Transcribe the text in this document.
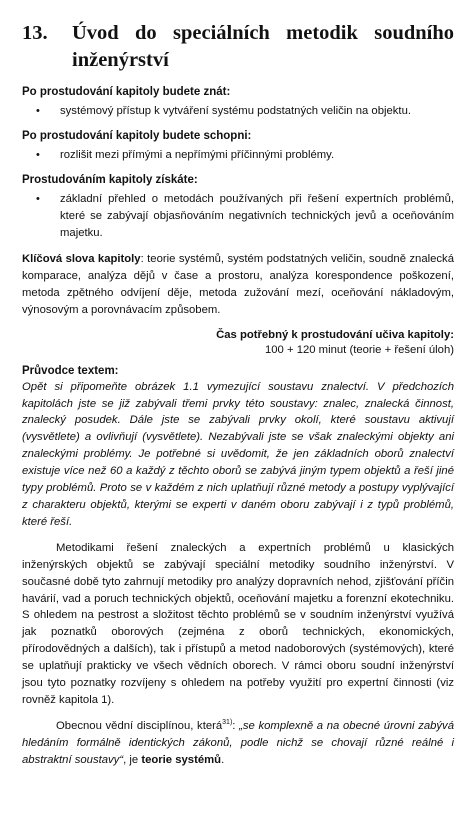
13.	Úvod do speciálních metodik soudního inženýrství

Po prostudování kapitoly budete znát:

• systémový přístup k vytváření systému podstatných veličin na objektu.

Po prostudování kapitoly budete schopni:

• rozlišit mezi přímými a nepřímými příčinnými problémy.

Prostudováním kapitoly získáte:

• základní přehled o metodách používaných při řešení expertních problémů, které se zabývají objasňováním negativních technických jevů a oceňováním majetku.

Klíčová slova kapitoly: teorie systémů, systém podstatných veličin, soudně znalecká komparace, analýza dějů v čase a prostoru, analýza korespondence poškození, metoda zpětného odvíjení děje, metoda zužování mezí, oceňování nákladovým, výnosovým a porovnávacím způsobem.

Čas potřebný k prostudování učiva kapitoly:
100 + 120 minut (teorie + řešení úloh)

Průvodce textem:

Opět si připomeňte obrázek 1.1 vymezující soustavu znalectví. V předchozích kapitolách jste se již zabývali třemi prvky této soustavy: znalec, znalecká činnost, znalecký posudek. Dále jste se zabývali prvky okolí, které soustavu aktivují (vysvětlete) a ovlivňují (vysvětlete). Nezabývali jste se však znaleckými objekty ani znaleckými problémy. Je potřebné si uvědomit, že jen základních oborů znalectví existuje více než 60 a každý z těchto oborů se zabývá jiným typem objektů a řeší jiné typy problémů. Proto se v každém z nich uplatňují různé metody a postupy vyplývající z charakteru objektů, kterými se experti v daném oboru zabývají i z typů problémů, které řeší.

Metodikami řešení znaleckých a expertních problémů u klasických inženýrských objektů se zabývají speciální metodiky soudního inženýrství. V současné době tyto zahrnují metodiky pro analýzy dopravních nehod, zjišťování příčin havárií, vad a poruch technických objektů, oceňování majetku a forenzní ekotechniku. S ohledem na pestrost a složitost těchto problémů se v soudním inženýrství využívá jak poznatků oborových (zejména z oborů technických, ekonomických, přírodovědných a dalších), tak i přístupů a metod nadoborových (systémových), které se uplatňují prakticky ve všech vědních oborech. V rámci oboru soudní inženýrství jsou tyto poznatky rozvíjeny s ohledem na potřeby využití pro expertní činnosti (viz rovněž kapitola 1).

Obecnou vědní disciplínou, která$^{31)}$: „se komplexně a na obecné úrovni zabývá hledáním formálně identických zákonů, podle nichž se chovají různé reálné i abstraktní soustavy“, je teorie systémů.
